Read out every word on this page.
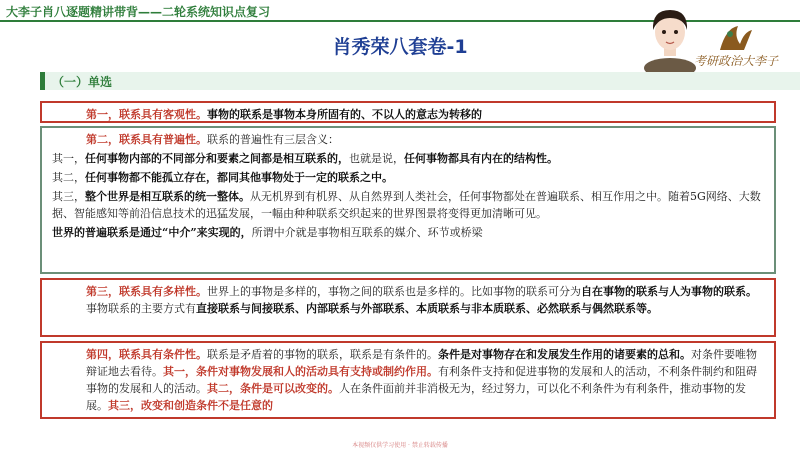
大李子肖八逐题精讲带背——二轮系统知识点复习
肖秀荣八套卷-1
考研政治大李子
（一）单选

第一，联系具有客观性。事物的联系是事物本身所固有的、不以人的意志为转移的

第二，联系具有普遍性。联系的普遍性有三层含义：

其一，任何事物内部的不同部分和要素之间都是相互联系的，也就是说，任何事物都具有内在的结构性。

其二，任何事物都不能孤立存在，都同其他事物处于一定的联系之中。

其三，整个世界是相互联系的统一整体。从无机界到有机界、从自然界到人类社会，任何事物都处在普遍联系、相互作用之中。随着5G网络、大数据、智能感知等前沿信息技术的迅猛发展，一幅由种种联系交织起来的世界图景将变得更加清晰可见。

世界的普遍联系是通过“中介”来实现的，所谓中介就是事物相互联系的媒介、环节或桥梁

第三，联系具有多样性。世界上的事物是多样的，事物之间的联系也是多样的。比如事物的联系可分为自在事物的联系与人为事物的联系。事物联系的主要方式有直接联系与间接联系、内部联系与外部联系、本质联系与非本质联系、必然联系与偶然联系等。

第四，联系具有条件性。联系是矛盾着的事物的联系，联系是有条件的。条件是对事物存在和发展发生作用的诸要素的总和。对条件要唯物辩证地去看待。其一，条件对事物发展和人的活动具有支持或制约作用。有利条件支持和促进事物的发展和人的活动，不利条件制约和阻碍事物的发展和人的活动。其二，条件是可以改变的。人在条件面前并非消极无为，经过努力，可以化不利条件为有利条件，推动事物的发展。其三，改变和创造条件不是任意的

本视频仅供学习使用 · 禁止转载传播
